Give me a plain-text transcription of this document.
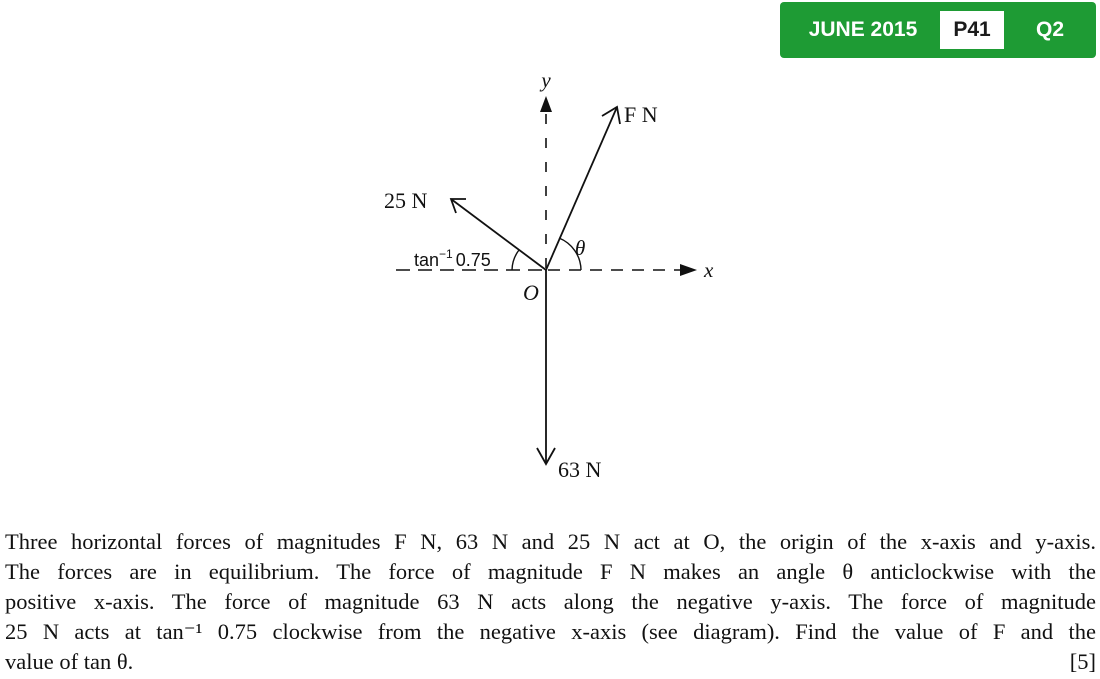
JUNE 2015	P41	Q2
y
x
O
63 N
F N
25 N
θ
$\tan^{-1} 0.75$
Three horizontal forces of magnitudes F N, 63 N and 25 N act at O, the origin of the x-axis and y-axis.
The forces are in equilibrium. The force of magnitude F N makes an angle θ anticlockwise with the
positive x-axis. The force of magnitude 63 N acts along the negative y-axis. The force of magnitude
25 N acts at tan⁻¹ 0.75 clockwise from the negative x-axis (see diagram). Find the value of F and the
value of tan θ.	[5]
